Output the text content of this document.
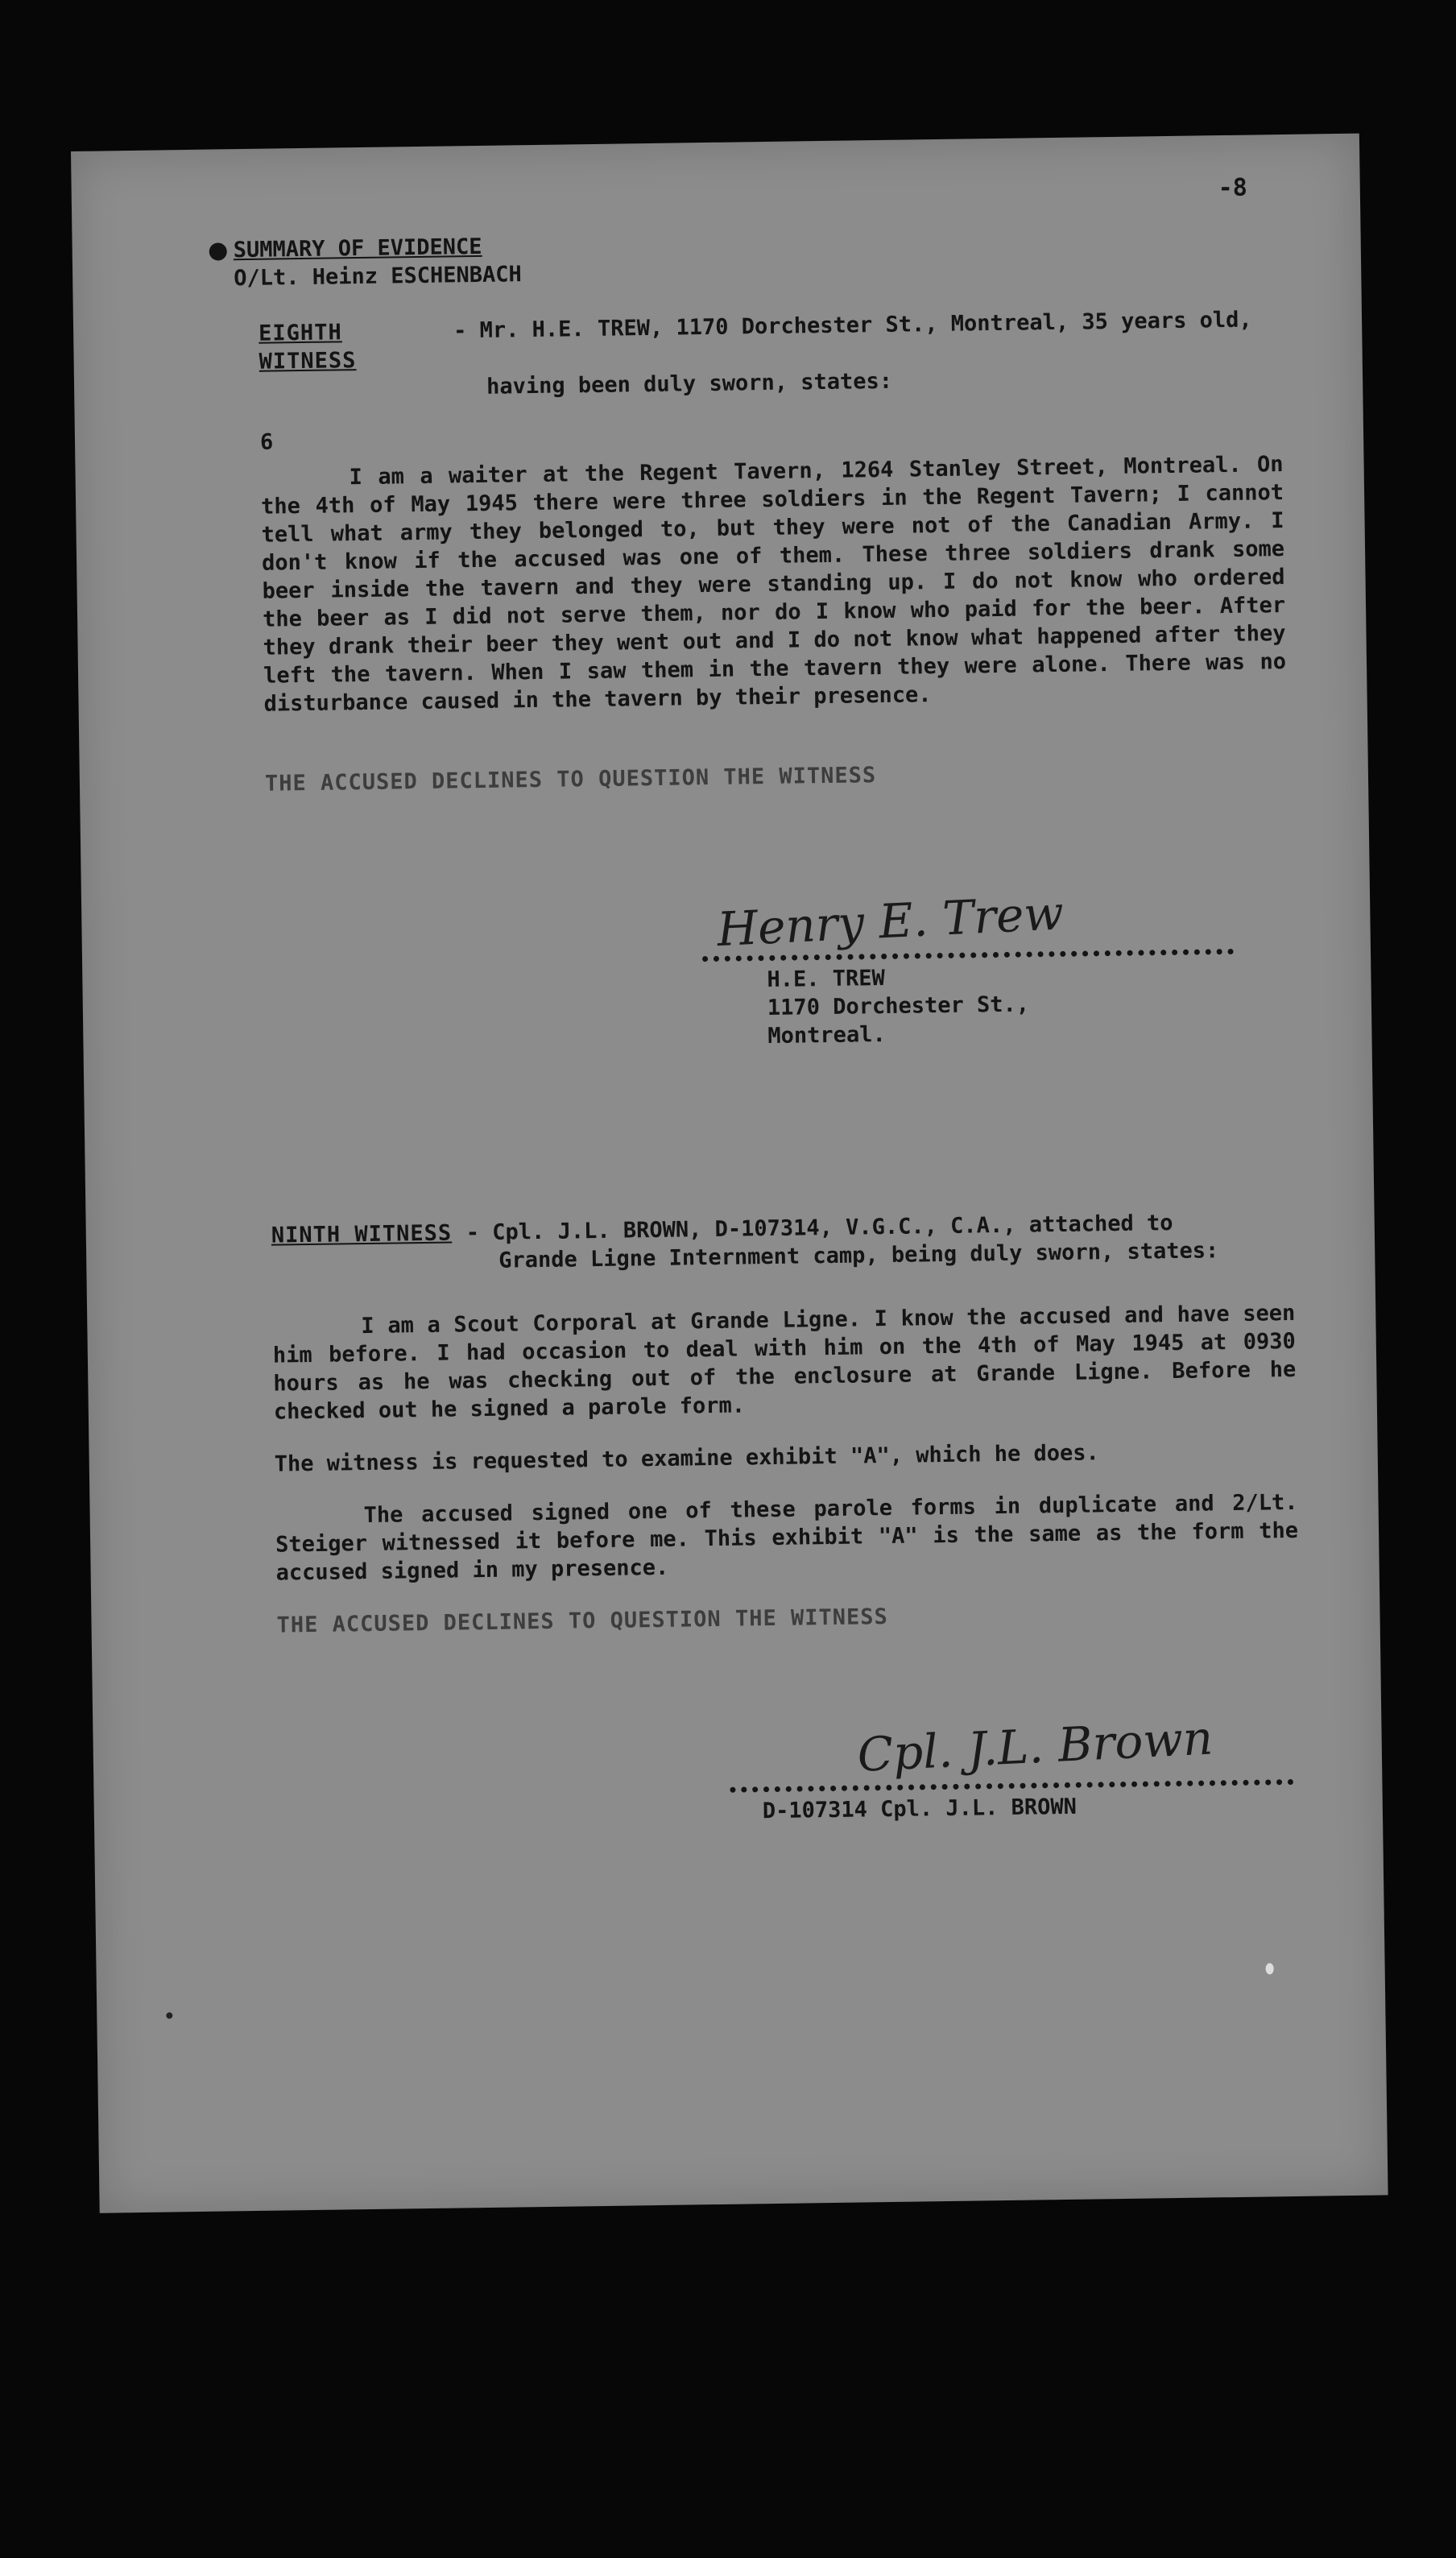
-8
SUMMARY OF EVIDENCE
O/Lt. Heinz ESCHENBACH
EIGHTH WITNESS
- Mr. H.E. TREW, 1170 Dorchester St., Montreal, 35 years old,
having been duly sworn, states:

6

I am a waiter at the Regent Tavern, 1264 Stanley Street, Montreal. On the 4th of May 1945 there were three soldiers in the Regent Tavern; I cannot tell what army they belonged to, but they were not of the Canadian Army. I don't know if the accused was one of them. These three soldiers drank some beer inside the tavern and they were standing up. I do not know who ordered the beer as I did not serve them, nor do I know who paid for the beer. After they drank their beer they went out and I do not know what happened after they left the tavern. When I saw them in the tavern they were alone. There was no disturbance caused in the tavern by their presence.

THE ACCUSED DECLINES TO QUESTION THE WITNESS

Henry E. Trew
H.E. TREW
1170 Dorchester St.,
Montreal.
NINTH WITNESS - Cpl. J.L. BROWN, D-107314, V.G.C., C.A., attached to
Grande Ligne Internment camp, being duly sworn, states:

I am a Scout Corporal at Grande Ligne. I know the accused and have seen him before. I had occasion to deal with him on the 4th of May 1945 at 0930 hours as he was checking out of the enclosure at Grande Ligne. Before he checked out he signed a parole form.

The witness is requested to examine exhibit "A", which he does.

The accused signed one of these parole forms in duplicate and 2/Lt. Steiger witnessed it before me. This exhibit "A" is the same as the form the accused signed in my presence.

THE ACCUSED DECLINES TO QUESTION THE WITNESS

Cpl. J.L. Brown
D-107314 Cpl. J.L. BROWN
